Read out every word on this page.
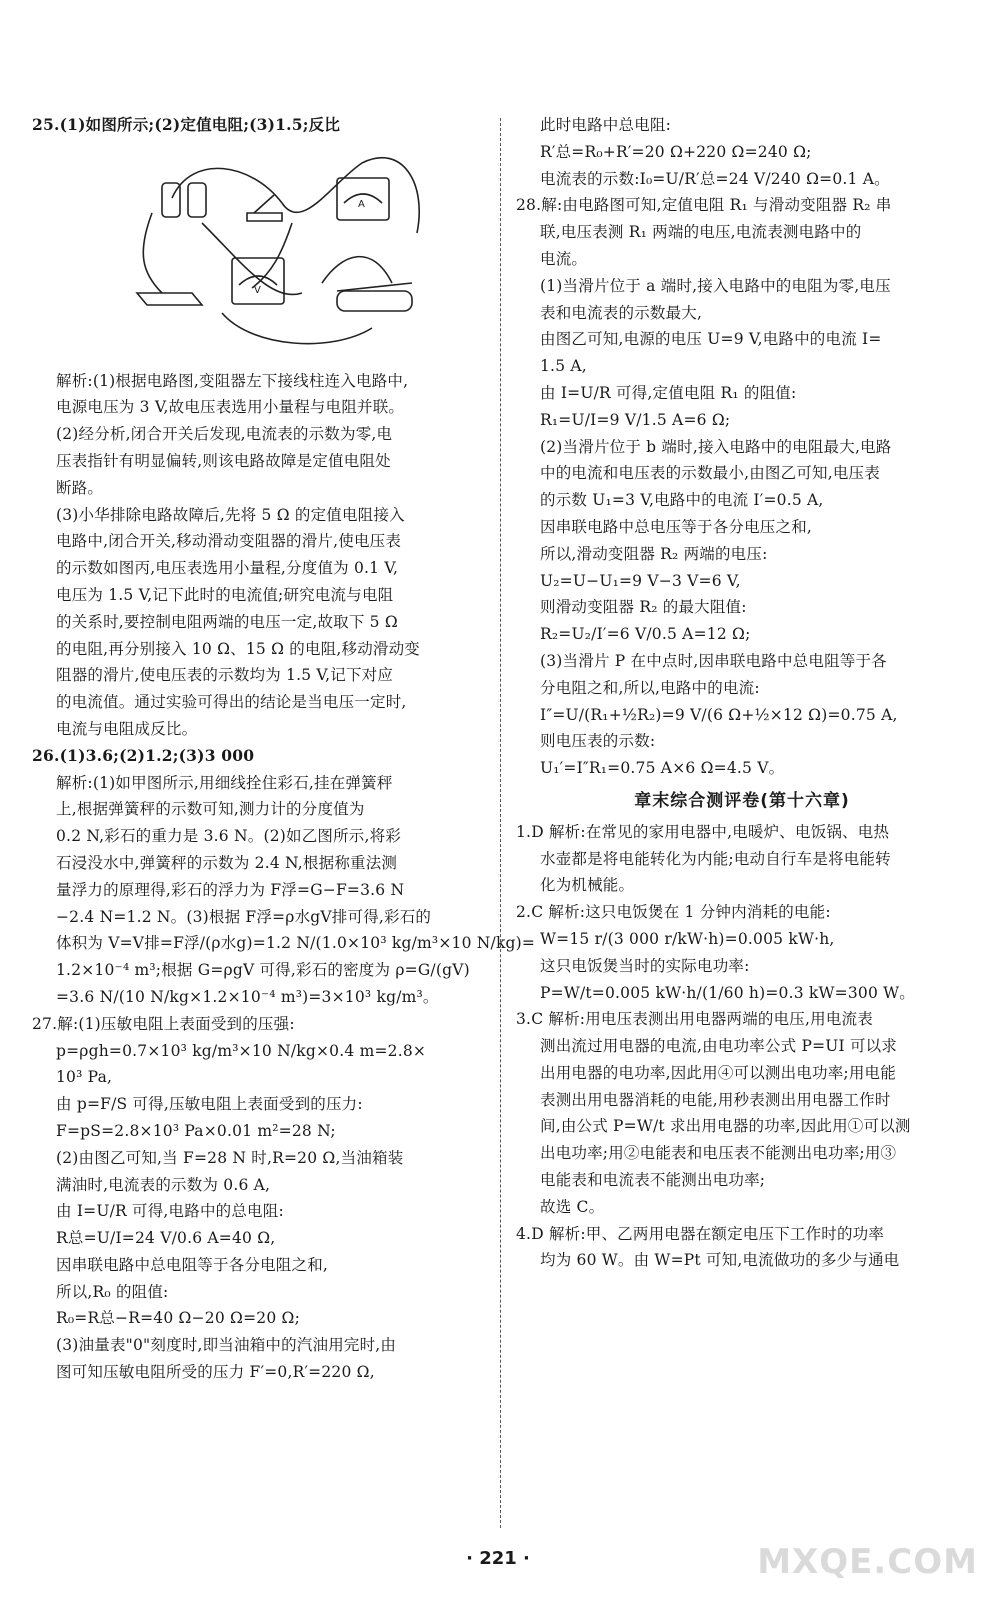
25.(1)如图所示;(2)定值电阻;(3)1.5;反比
A
V
解析:(1)根据电路图,变阻器左下接线柱连入电路中,
电源电压为 3 V,故电压表选用小量程与电阻并联。
(2)经分析,闭合开关后发现,电流表的示数为零,电
压表指针有明显偏转,则该电路故障是定值电阻处
断路。
(3)小华排除电路故障后,先将 5 Ω 的定值电阻接入
电路中,闭合开关,移动滑动变阻器的滑片,使电压表
的示数如图丙,电压表选用小量程,分度值为 0.1 V,
电压为 1.5 V,记下此时的电流值;研究电流与电阻
的关系时,要控制电阻两端的电压一定,故取下 5 Ω
的电阻,再分别接入 10 Ω、15 Ω 的电阻,移动滑动变
阻器的滑片,使电压表的示数均为 1.5 V,记下对应
的电流值。通过实验可得出的结论是当电压一定时,
电流与电阻成反比。
26.(1)3.6;(2)1.2;(3)3 000
解析:(1)如甲图所示,用细线拴住彩石,挂在弹簧秤
上,根据弹簧秤的示数可知,测力计的分度值为
0.2 N,彩石的重力是 3.6 N。(2)如乙图所示,将彩
石浸没水中,弹簧秤的示数为 2.4 N,根据称重法测
量浮力的原理得,彩石的浮力为 F浮=G−F=3.6 N
−2.4 N=1.2 N。(3)根据 F浮=ρ水gV排可得,彩石的
体积为 V=V排=F浮/(ρ水g)=1.2 N/(1.0×10³ kg/m³×10 N/kg)=
1.2×10⁻⁴ m³;根据 G=ρgV 可得,彩石的密度为 ρ=G/(gV)
=3.6 N/(10 N/kg×1.2×10⁻⁴ m³)=3×10³ kg/m³。
27.解:(1)压敏电阻上表面受到的压强:
p=ρgh=0.7×10³ kg/m³×10 N/kg×0.4 m=2.8×
10³ Pa,
由 p=F/S 可得,压敏电阻上表面受到的压力:
F=pS=2.8×10³ Pa×0.01 m²=28 N;
(2)由图乙可知,当 F=28 N 时,R=20 Ω,当油箱装
满油时,电流表的示数为 0.6 A,
由 I=U/R 可得,电路中的总电阻:
R总=U/I=24 V/0.6 A=40 Ω,
因串联电路中总电阻等于各分电阻之和,
所以,R₀ 的阻值:
R₀=R总−R=40 Ω−20 Ω=20 Ω;
(3)油量表"0"刻度时,即当油箱中的汽油用完时,由
图可知压敏电阻所受的压力 F′=0,R′=220 Ω,
此时电路中总电阻:
R′总=R₀+R′=20 Ω+220 Ω=240 Ω;
电流表的示数:I₀=U/R′总=24 V/240 Ω=0.1 A。
28.解:由电路图可知,定值电阻 R₁ 与滑动变阻器 R₂ 串
联,电压表测 R₁ 两端的电压,电流表测电路中的
电流。
(1)当滑片位于 a 端时,接入电路中的电阻为零,电压
表和电流表的示数最大,
由图乙可知,电源的电压 U=9 V,电路中的电流 I=
1.5 A,
由 I=U/R 可得,定值电阻 R₁ 的阻值:
R₁=U/I=9 V/1.5 A=6 Ω;
(2)当滑片位于 b 端时,接入电路中的电阻最大,电路
中的电流和电压表的示数最小,由图乙可知,电压表
的示数 U₁=3 V,电路中的电流 I′=0.5 A,
因串联电路中总电压等于各分电压之和,
所以,滑动变阻器 R₂ 两端的电压:
U₂=U−U₁=9 V−3 V=6 V,
则滑动变阻器 R₂ 的最大阻值:
R₂=U₂/I′=6 V/0.5 A=12 Ω;
(3)当滑片 P 在中点时,因串联电路中总电阻等于各
分电阻之和,所以,电路中的电流:
I″=U/(R₁+½R₂)=9 V/(6 Ω+½×12 Ω)=0.75 A,
则电压表的示数:
U₁′=I″R₁=0.75 A×6 Ω=4.5 V。
章末综合测评卷(第十六章)
1.D 解析:在常见的家用电器中,电暖炉、电饭锅、电热
水壶都是将电能转化为内能;电动自行车是将电能转
化为机械能。
2.C 解析:这只电饭煲在 1 分钟内消耗的电能:
W=15 r/(3 000 r/kW·h)=0.005 kW·h,
这只电饭煲当时的实际电功率:
P=W/t=0.005 kW·h/(1/60 h)=0.3 kW=300 W。
3.C 解析:用电压表测出用电器两端的电压,用电流表
测出流过用电器的电流,由电功率公式 P=UI 可以求
出用电器的电功率,因此用④可以测出电功率;用电能
表测出用电器消耗的电能,用秒表测出用电器工作时
间,由公式 P=W/t 求出用电器的功率,因此用①可以测
出电功率;用②电能表和电压表不能测出电功率;用③
电能表和电流表不能测出电功率;
故选 C。
4.D 解析:甲、乙两用电器在额定电压下工作时的功率
均为 60 W。由 W=Pt 可知,电流做功的多少与通电
· 221 ·	MXQE.COM
